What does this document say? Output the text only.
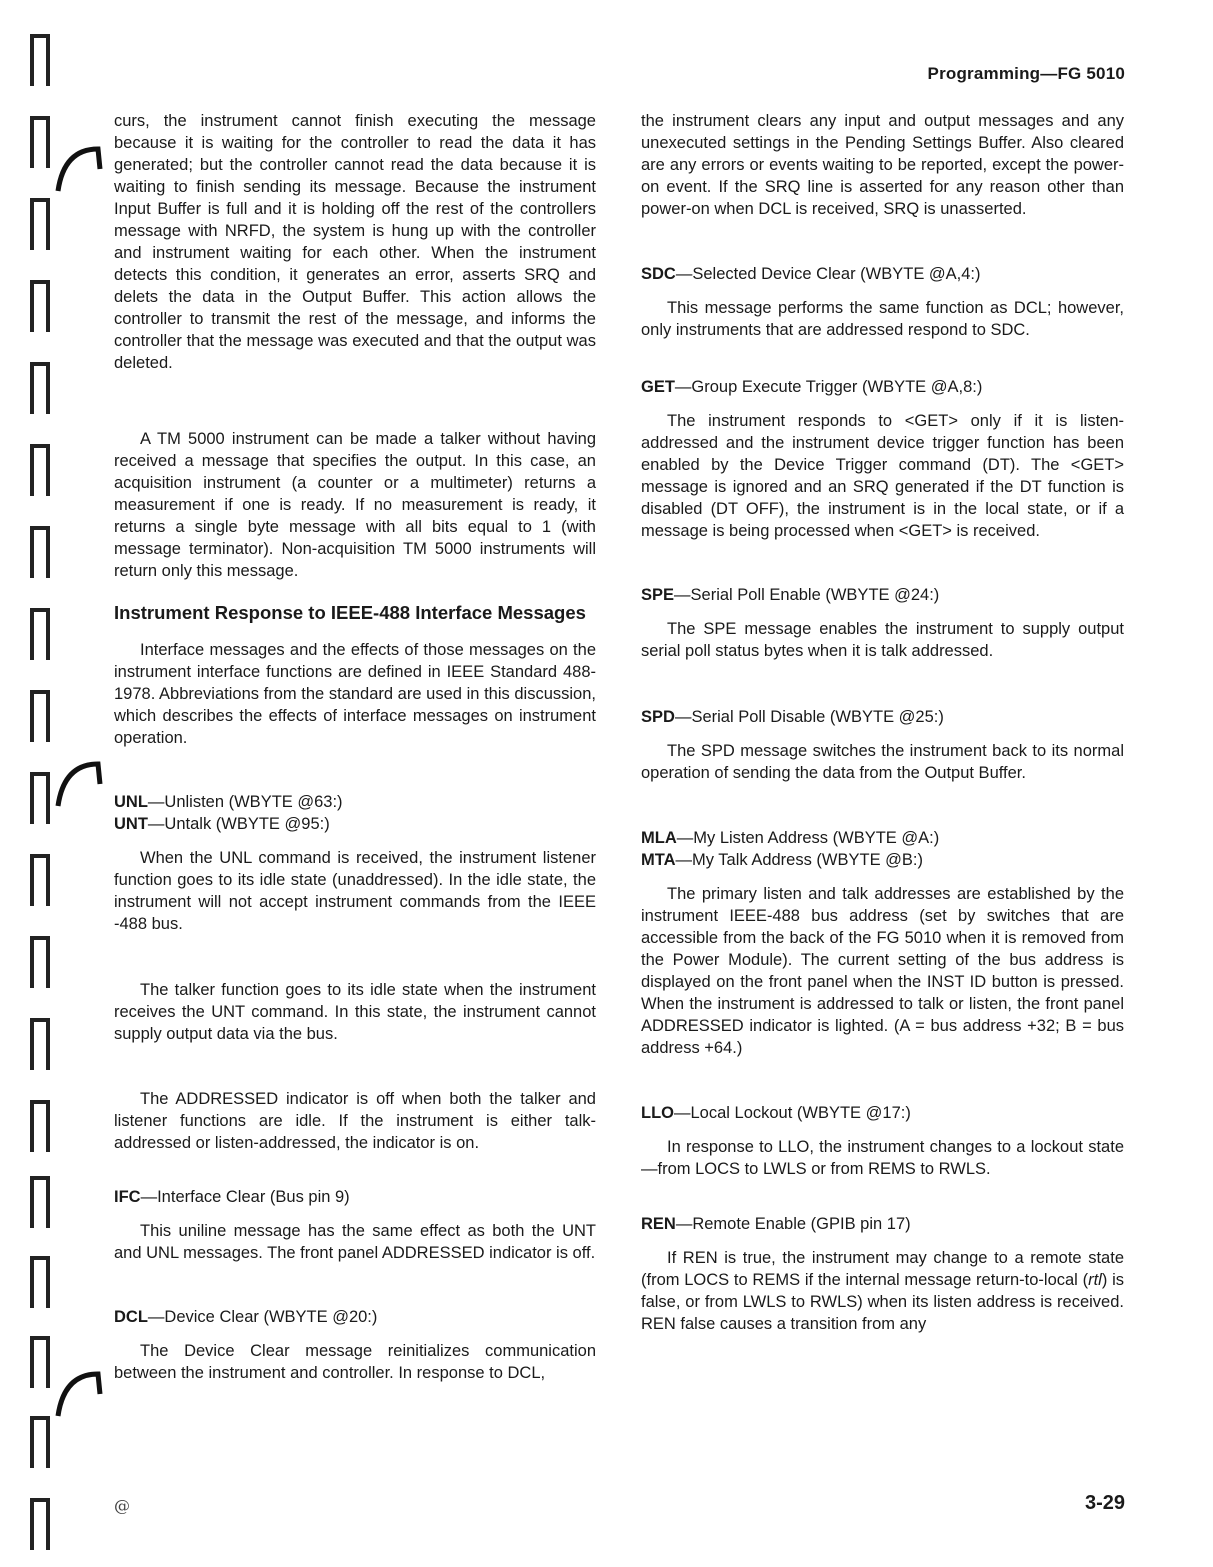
Programming—FG 5010

curs, the instrument cannot finish executing the message because it is waiting for the controller to read the data it has generated; but the controller cannot read the data because it is waiting to finish sending its message. Because the instrument Input Buffer is full and it is holding off the rest of the controllers message with NRFD, the system is hung up with the controller and instrument waiting for each other. When the instrument detects this condition, it generates an error, asserts SRQ and delets the data in the Output Buffer. This action allows the controller to transmit the rest of the message, and informs the controller that the message was executed and that the output was deleted.

A TM 5000 instrument can be made a talker without having received a message that specifies the output. In this case, an acquisition instrument (a counter or a multimeter) returns a measurement if one is ready. If no measurement is ready, it returns a single byte message with all bits equal to 1 (with message terminator). Non-acquisition TM 5000 instruments will return only this message.

Instrument Response to IEEE-488 Interface Messages

Interface messages and the effects of those messages on the instrument interface functions are defined in IEEE Standard 488-1978. Abbreviations from the standard are used in this discussion, which describes the effects of interface messages on instrument operation.

UNL—Unlisten (WBYTE @63:)

UNT—Untalk (WBYTE @95:)

When the UNL command is received, the instrument listener function goes to its idle state (unaddressed). In the idle state, the instrument will not accept instrument commands from the IEEE -488 bus.

The talker function goes to its idle state when the instrument receives the UNT command. In this state, the instrument cannot supply output data via the bus.

The ADDRESSED indicator is off when both the talker and listener functions are idle. If the instrument is either talk-addressed or listen-addressed, the indicator is on.

IFC—Interface Clear (Bus pin 9)

This uniline message has the same effect as both the UNT and UNL messages. The front panel ADDRESSED indicator is off.

DCL—Device Clear (WBYTE @20:)

The Device Clear message reinitializes communication between the instrument and controller. In response to DCL,

the instrument clears any input and output messages and any unexecuted settings in the Pending Settings Buffer. Also cleared are any errors or events waiting to be reported, except the power-on event. If the SRQ line is asserted for any reason other than power-on when DCL is received, SRQ is unasserted.

SDC—Selected Device Clear (WBYTE @A,4:)

This message performs the same function as DCL; however, only instruments that are addressed respond to SDC.

GET—Group Execute Trigger (WBYTE @A,8:)

The instrument responds to <GET> only if it is listen-addressed and the instrument device trigger function has been enabled by the Device Trigger command (DT). The <GET> message is ignored and an SRQ generated if the DT function is disabled (DT OFF), the instrument is in the local state, or if a message is being processed when <GET> is received.

SPE—Serial Poll Enable (WBYTE @24:)

The SPE message enables the instrument to supply output serial poll status bytes when it is talk addressed.

SPD—Serial Poll Disable (WBYTE @25:)

The SPD message switches the instrument back to its normal operation of sending the data from the Output Buffer.

MLA—My Listen Address (WBYTE @A:)

MTA—My Talk Address (WBYTE @B:)

The primary listen and talk addresses are established by the instrument IEEE-488 bus address (set by switches that are accessible from the back of the FG 5010 when it is removed from the Power Module). The current setting of the bus address is displayed on the front panel when the INST ID button is pressed. When the instrument is addressed to talk or listen, the front panel ADDRESSED indicator is lighted. (A = bus address +32; B = bus address +64.)

LLO—Local Lockout (WBYTE @17:)

In response to LLO, the instrument changes to a lockout state—from LOCS to LWLS or from REMS to RWLS.

REN—Remote Enable (GPIB pin 17)

If REN is true, the instrument may change to a remote state (from LOCS to REMS if the internal message return-to-local (rtl) is false, or from LWLS to RWLS) when its listen address is received. REN false causes a transition from any

@	3-29
